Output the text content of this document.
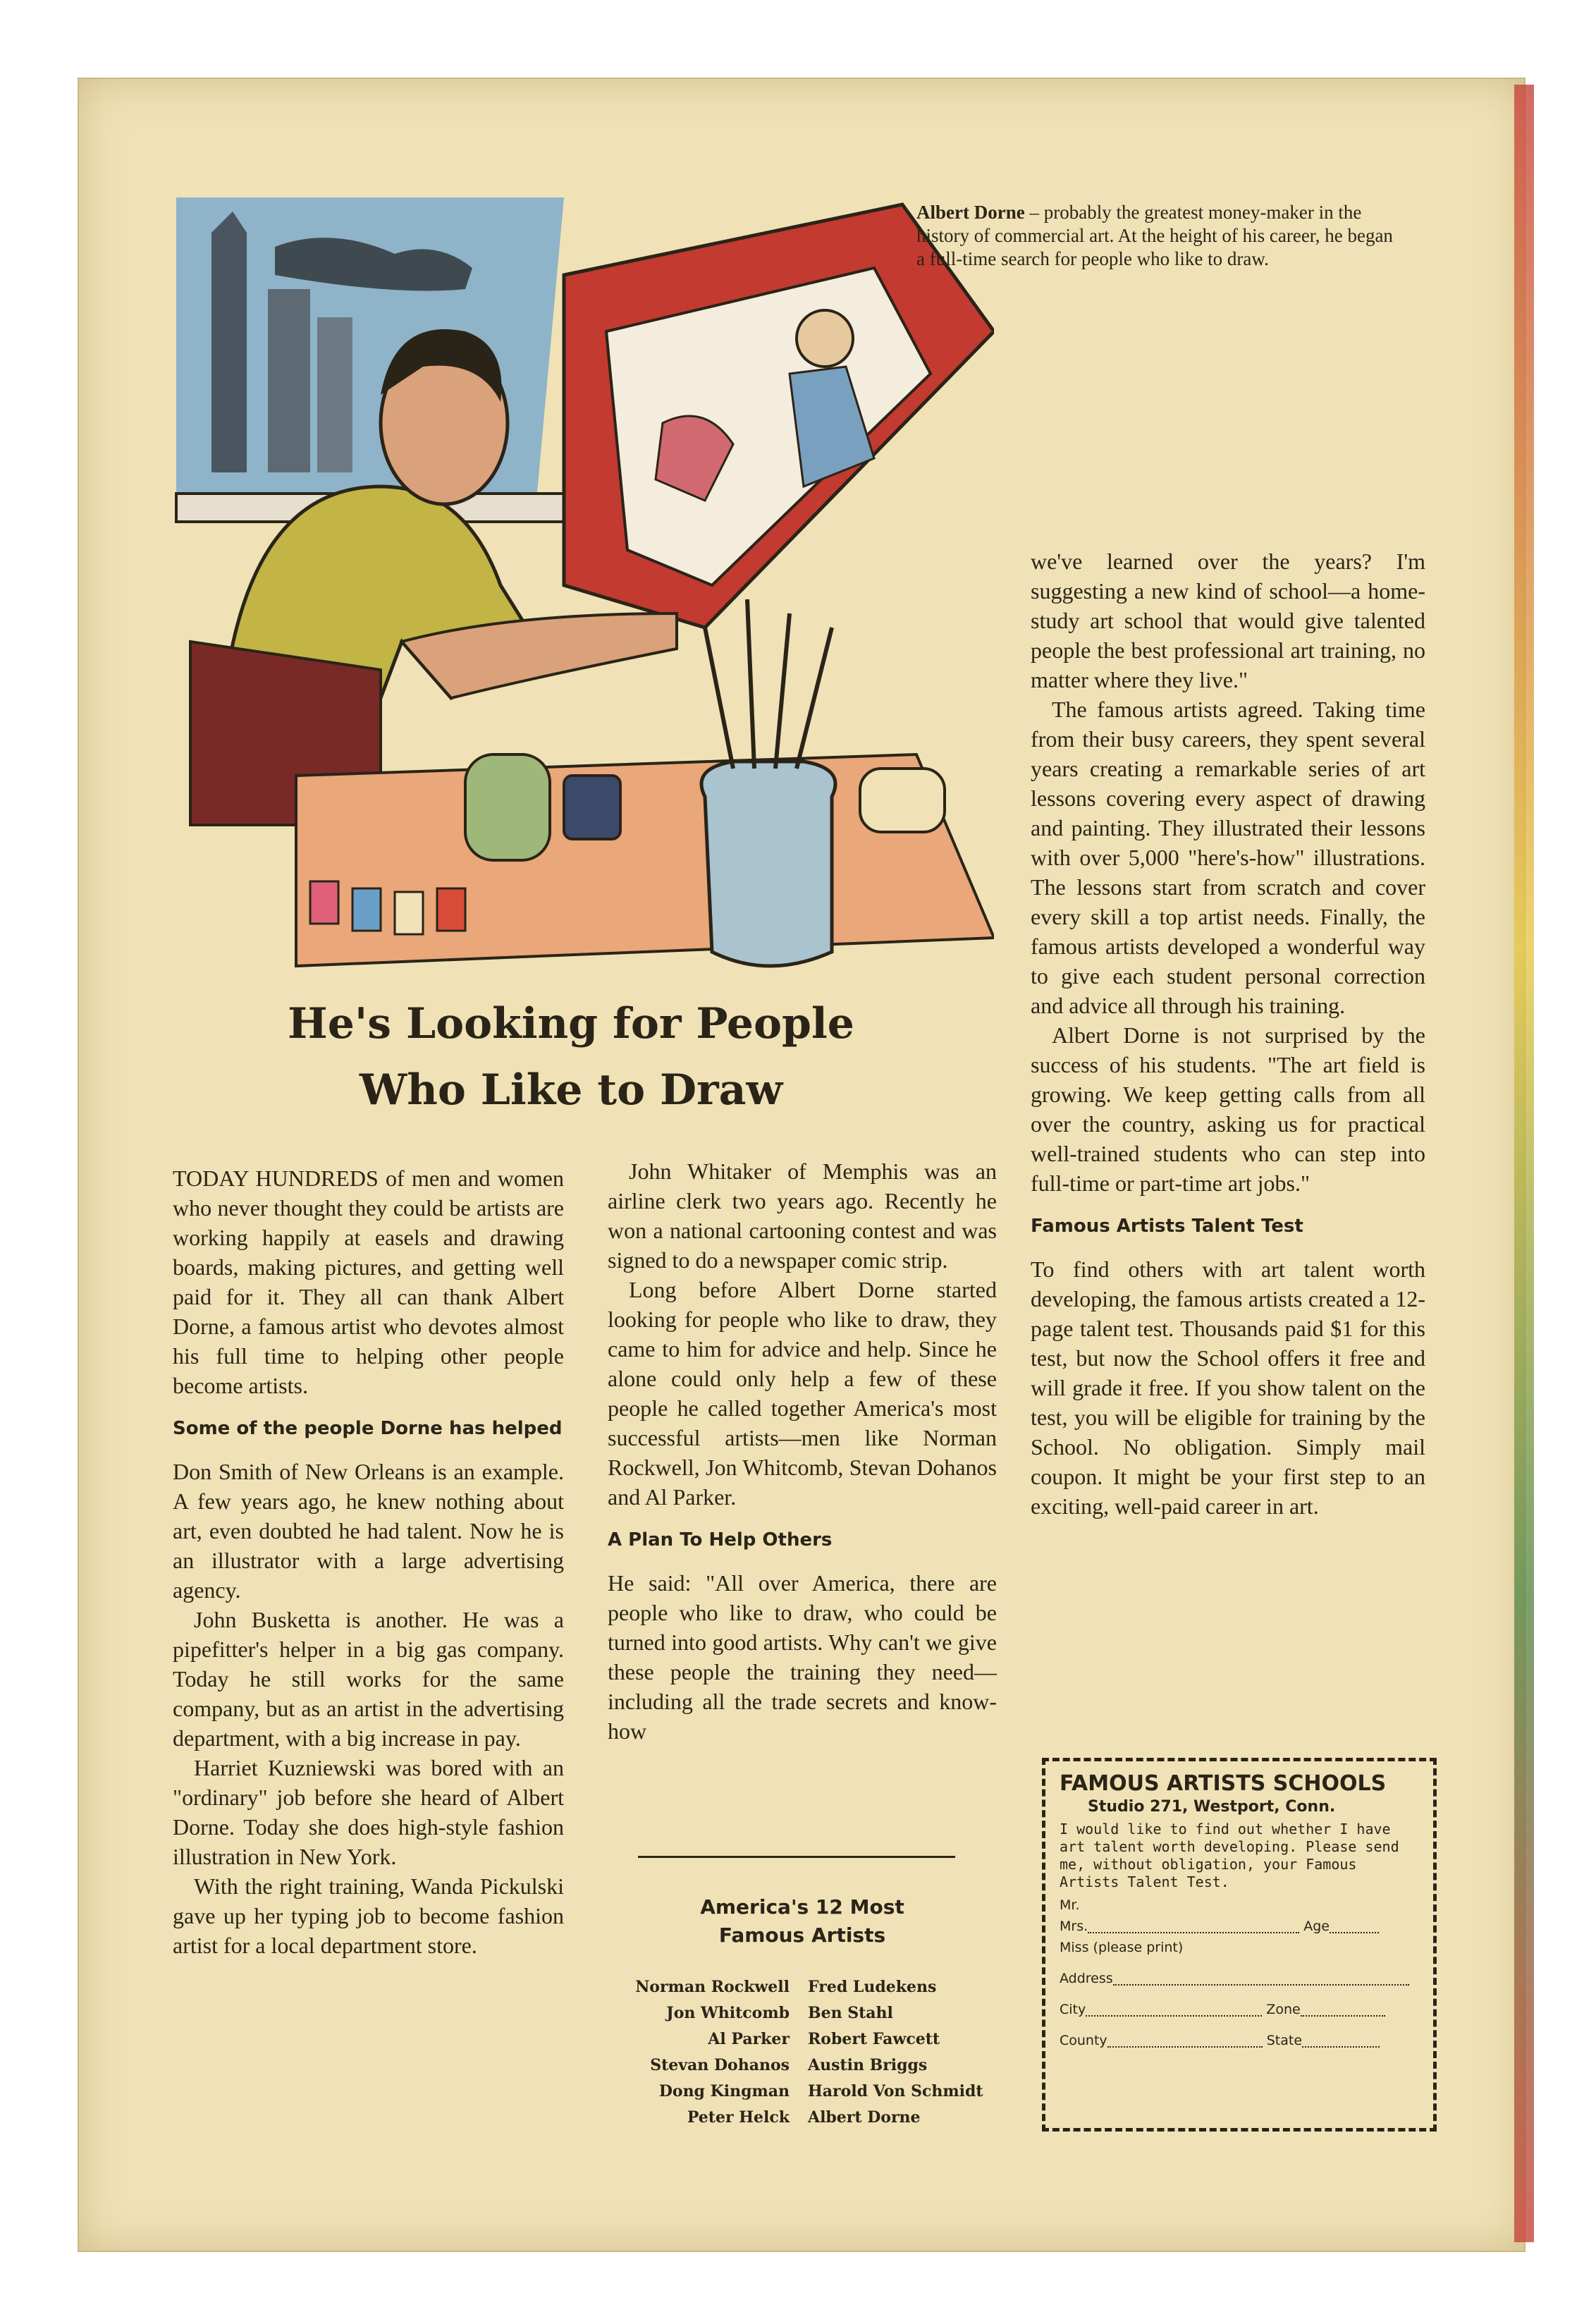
Albert Dorne – probably the greatest money-maker in the history of commercial art. At the height of his career, he began a full-time search for people who like to draw.
He's Looking for People
Who Like to Draw

TODAY HUNDREDS of men and women who never thought they could be artists are working happily at easels and drawing boards, making pictures, and getting well paid for it. They all can thank Albert Dorne, a famous artist who devotes almost his full time to helping other people become artists.

Some of the people Dorne has helped

Don Smith of New Orleans is an example. A few years ago, he knew nothing about art, even doubted he had talent. Now he is an illustrator with a large advertising agency.

John Busketta is another. He was a pipefitter's helper in a big gas company. Today he still works for the same company, but as an artist in the advertising department, with a big increase in pay.

Harriet Kuzniewski was bored with an "ordinary" job before she heard of Albert Dorne. Today she does high-style fashion illustration in New York.

With the right training, Wanda Pickulski gave up her typing job to become fashion artist for a local department store.

John Whitaker of Memphis was an airline clerk two years ago. Recently he won a national cartooning contest and was signed to do a newspaper comic strip.

Long before Albert Dorne started looking for people who like to draw, they came to him for advice and help. Since he alone could only help a few of these people he called together America's most successful artists—men like Norman Rockwell, Jon Whitcomb, Stevan Dohanos and Al Parker.

A Plan To Help Others

He said: "All over America, there are people who like to draw, who could be turned into good artists. Why can't we give these people the training they need—including all the trade secrets and know-how

America's 12 Most
Famous Artists
Norman Rockwell	Fred Ludekens
Jon Whitcomb	Ben Stahl
Al Parker	Robert Fawcett
Stevan Dohanos	Austin Briggs
Dong Kingman	Harold Von Schmidt
Peter Helck	Albert Dorne

we've learned over the years? I'm suggesting a new kind of school—a home-study art school that would give talented people the best professional art training, no matter where they live."

The famous artists agreed. Taking time from their busy careers, they spent several years creating a remarkable series of art lessons covering every aspect of drawing and painting. They illustrated their lessons with over 5,000 "here's-how" illustrations. The lessons start from scratch and cover every skill a top artist needs. Finally, the famous artists developed a wonderful way to give each student personal correction and advice all through his training.

Albert Dorne is not surprised by the success of his students. "The art field is growing. We keep getting calls from all over the country, asking us for practical well-trained students who can step into full-time or part-time art jobs."

Famous Artists Talent Test

To find others with art talent worth developing, the famous artists created a 12-page talent test. Thousands paid $1 for this test, but now the School offers it free and will grade it free. If you show talent on the test, you will be eligible for training by the School. No obligation. Simply mail coupon. It might be your first step to an exciting, well-paid career in art.

FAMOUS ARTISTS SCHOOLS
Studio 271, Westport, Conn.
I would like to find out whether I have art talent worth developing. Please send me, without obligation, your Famous Artists Talent Test.
Mr.
Mrs.	Age
Miss (please print)
Address
City	Zone
County	State
